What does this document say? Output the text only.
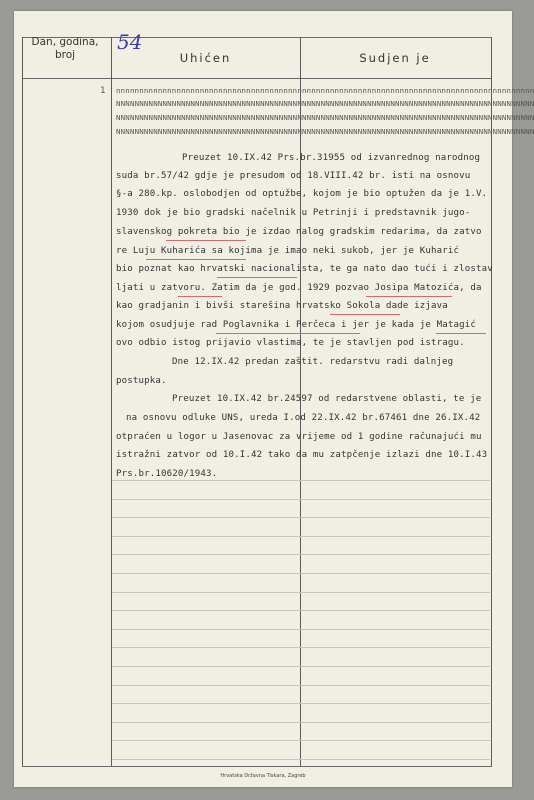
Dan, godina,
broj	Uhićen	Sudjen je
54
1 nnnnnnnnnnnnnnnnnnnnnnnnnnnnnnnnnnnnnnnnnnnnnnnnnnnnnnnnnnnnnnnnnnnnnnnnnnnnnnnnnnnnnnnnnn
NNNNNNNNNNNNNNNNNNNNNNNNNNNNNNNNNNNNNNNNNNNNNNNNNNNNNNNNNNNNNNNNNNNNNNNNNNNNNNNNNNNNNNNNNN
NNNNNNNNNNNNNNNNNNNNNNNNNNNNNNNNNNNNNNNNNNNNNNNNNNNNNNNNNNNNNNNNNNNNNNNNNNNNNNNNNNNNNNNNNN
NNNNNNNNNNNNNNNNNNNNNNNNNNNNNNNNNNNNNNNNNNNNNNNNNNNNNNNNNNNNNNNNNNNNNNNNNNNNNNNNNNNNNNNNNN
Preuzet 10.IX.42 Prs.br.31955 od izvanrednog narodnog
suda br.57/42 gdje je presudom od 18.VIII.42 br. isti na osnovu
§-a 280.kp. oslobodjen od optužbe, kojom je bio optužen da je 1.V.
1930 dok je bio gradski načelnik u Petrinji i predstavnik jugo-
slavenskog pokreta bio je izdao nalog gradskim redarima, da zatvo
re Luju Kuharića sa kojima je imao neki sukob, jer je Kuharić
bio poznat kao hrvatski nacionalista, te ga nato dao tući i zlostav
ljati u zatvoru. Zatim da je god. 1929 pozvao Josipa Matozića, da
kao gradjanin i bivši starešina hrvatsko Sokola dade izjava
kojom osudjuje rad Poglavnika i Perčeca i jer je kada je Matagić
ovo odbio istog prijavio vlastima, te je stavljen pod istragu.
Dne 12.IX.42 predan zaštit. redarstvu radi dalnjeg
postupka.
Preuzet 10.IX.42 br.24597 od redarstvene oblasti, te je
na osnovu odluke UNS, ureda I.od 22.IX.42 br.67461 dne 26.IX.42
otpraćen u logor u Jasenovac za vrijeme od 1 godine računajući mu
istražni zatvor od 10.I.42 tako da mu zatpčenje izlazi dne 10.I.43
Prs.br.10620/1943.
Hrvatska Državna Tiskara, Zagreb
